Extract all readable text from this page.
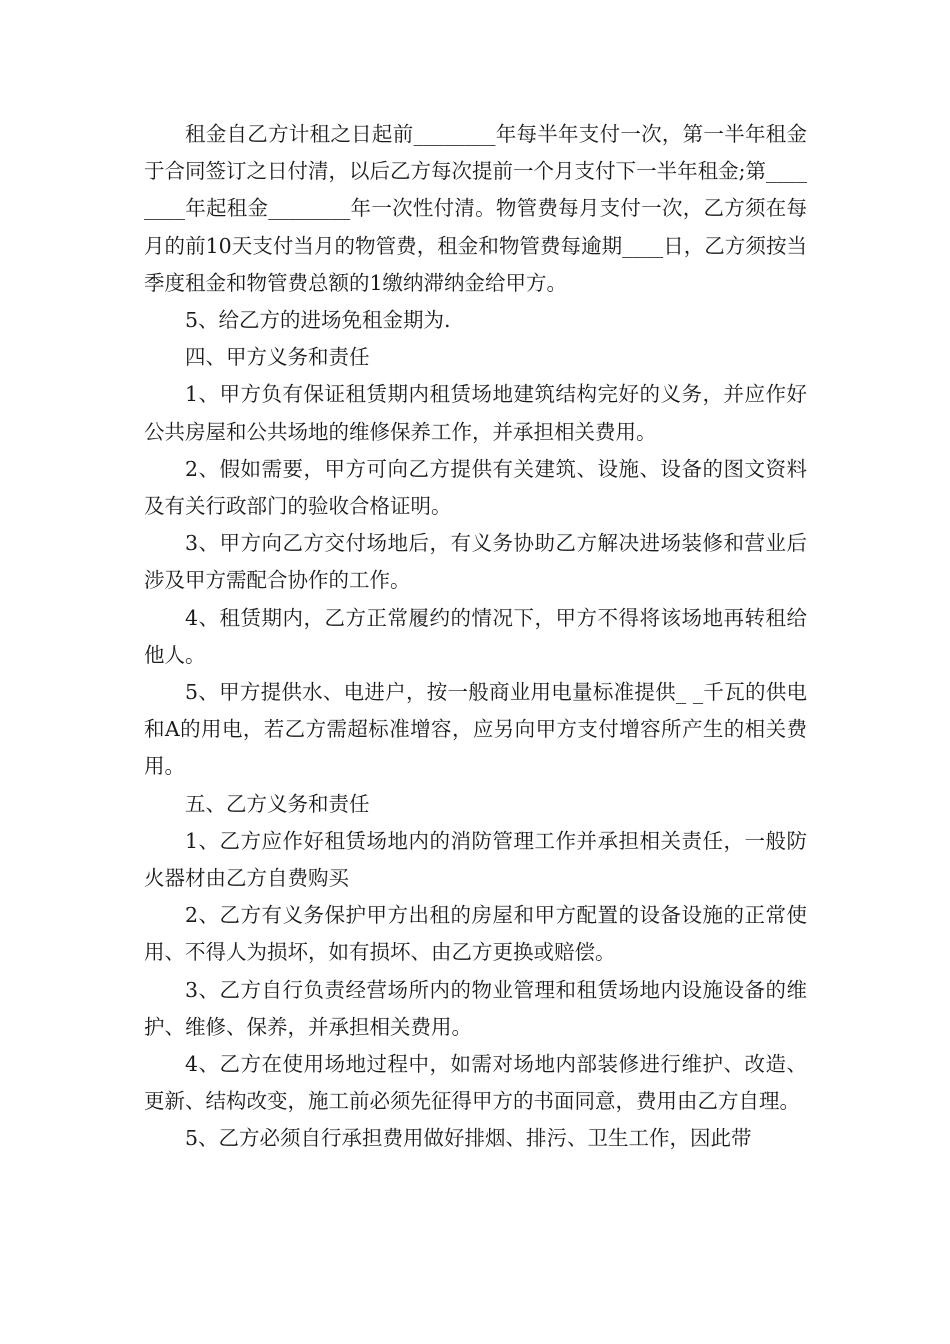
租金自乙方计租之日起前________年每半年支付一次，第一半年租金于合同签订之日付清，以后乙方每次提前一个月支付下一半年租金;第________年起租金________年一次性付清。物管费每月支付一次，乙方须在每月的前10天支付当月的物管费，租金和物管费每逾期____日，乙方须按当季度租金和物管费总额的1缴纳滞纳金给甲方。

5、给乙方的进场免租金期为.

四、甲方义务和责任

1、甲方负有保证租赁期内租赁场地建筑结构完好的义务，并应作好公共房屋和公共场地的维修保养工作，并承担相关费用。

2、假如需要，甲方可向乙方提供有关建筑、设施、设备的图文资料及有关行政部门的验收合格证明。

3、甲方向乙方交付场地后，有义务协助乙方解决进场装修和营业后涉及甲方需配合协作的工作。

4、租赁期内，乙方正常履约的情况下，甲方不得将该场地再转租给他人。

5、甲方提供水、电进户，按一般商业用电量标准提供_ _千瓦的供电和A的用电，若乙方需超标准增容，应另向甲方支付增容所产生的相关费用。

五、乙方义务和责任

1、乙方应作好租赁场地内的消防管理工作并承担相关责任，一般防火器材由乙方自费购买

2、乙方有义务保护甲方出租的房屋和甲方配置的设备设施的正常使用、不得人为损坏，如有损坏、由乙方更换或赔偿。

3、乙方自行负责经营场所内的物业管理和租赁场地内设施设备的维护、维修、保养，并承担相关费用。

4、乙方在使用场地过程中，如需对场地内部装修进行维护、改造、更新、结构改变，施工前必须先征得甲方的书面同意，费用由乙方自理。

5、乙方必须自行承担费用做好排烟、排污、卫生工作，因此带
